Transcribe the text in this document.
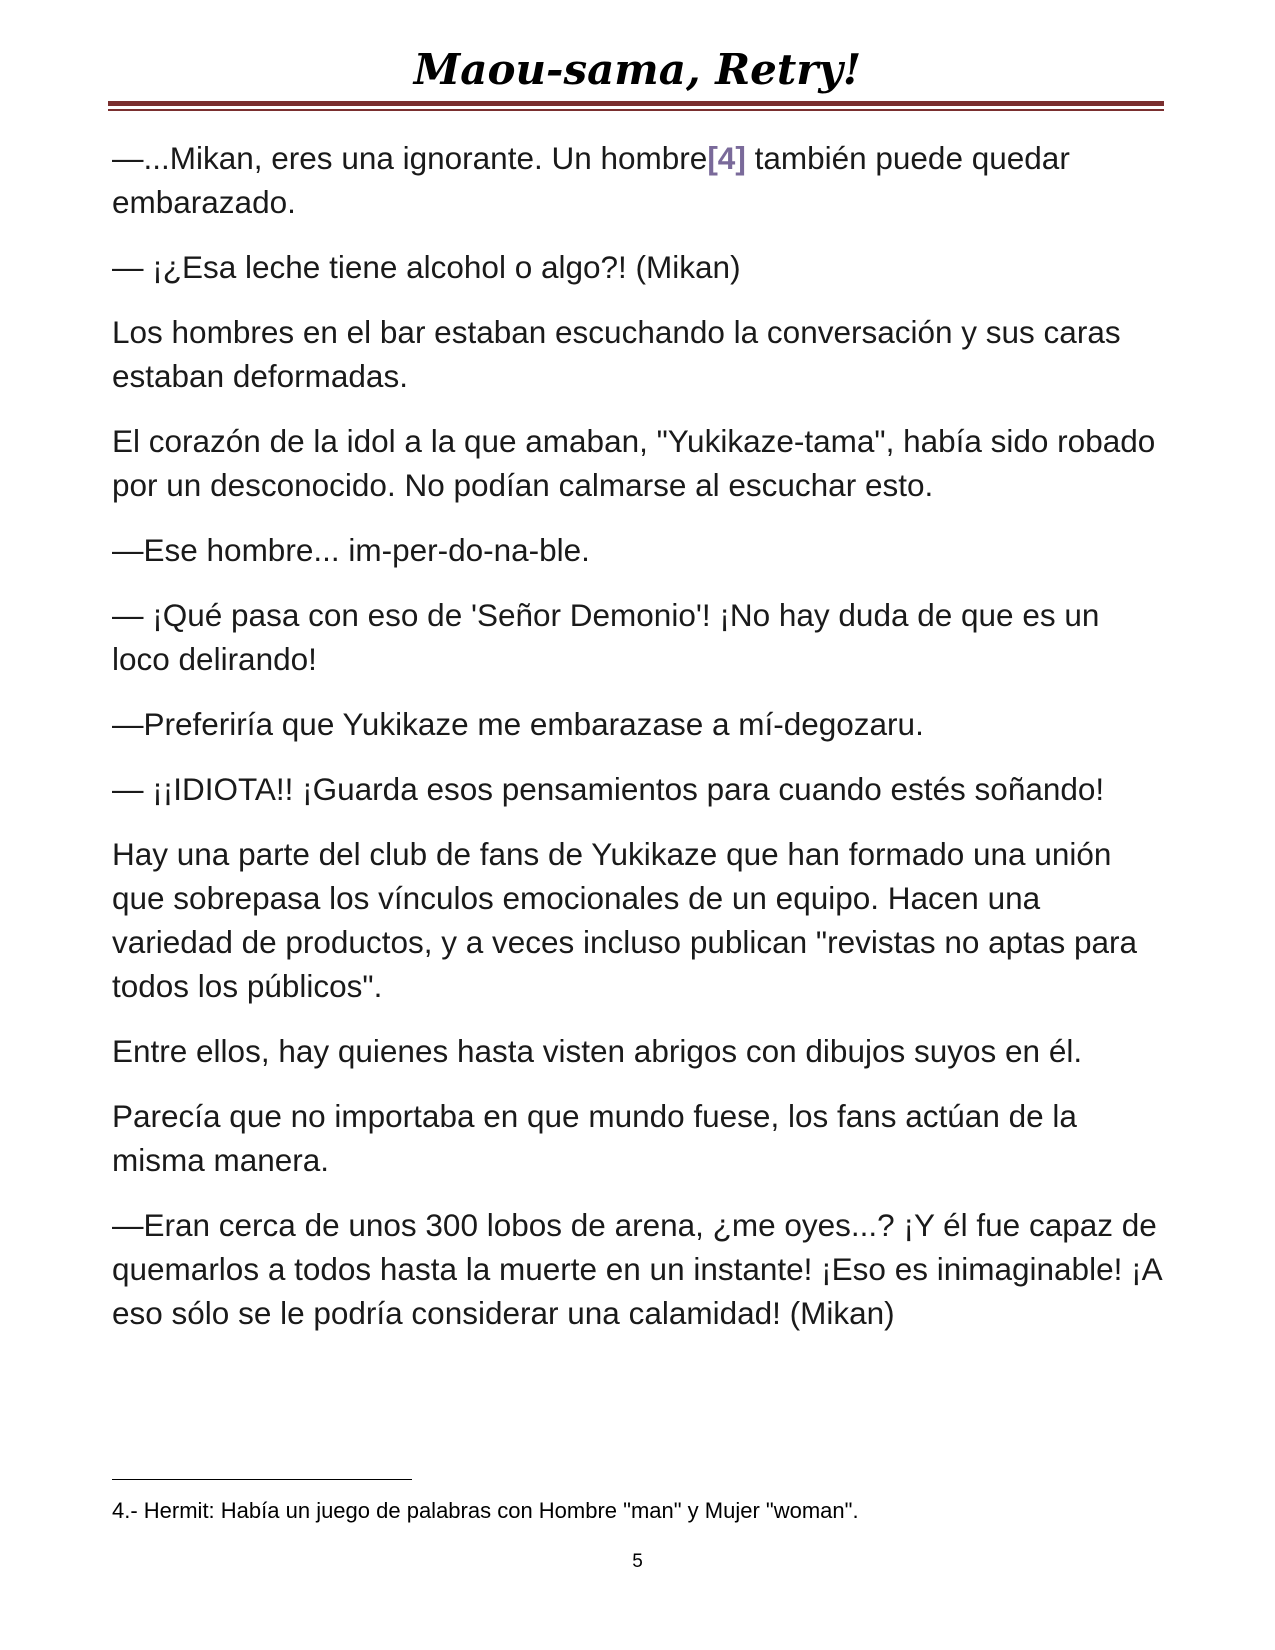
Maou-sama, Retry!

—...Mikan, eres una ignorante. Un hombre[4] también puede quedar embarazado.

— ¡¿Esa leche tiene alcohol o algo?! (Mikan)

Los hombres en el bar estaban escuchando la conversación y sus caras estaban deformadas.

El corazón de la idol a la que amaban, "Yukikaze-tama", había sido robado por un desconocido. No podían calmarse al escuchar esto.

—Ese hombre... im-per-do-na-ble.

— ¡Qué pasa con eso de 'Señor Demonio'! ¡No hay duda de que es un loco delirando!

—Preferiría que Yukikaze me embarazase a mí-degozaru.

— ¡¡IDIOTA!! ¡Guarda esos pensamientos para cuando estés soñando!

Hay una parte del club de fans de Yukikaze que han formado una unión que sobrepasa los vínculos emocionales de un equipo. Hacen una variedad de productos, y a veces incluso publican "revistas no aptas para todos los públicos".

Entre ellos, hay quienes hasta visten abrigos con dibujos suyos en él.

Parecía que no importaba en que mundo fuese, los fans actúan de la misma manera.

—Eran cerca de unos 300 lobos de arena, ¿me oyes...? ¡Y él fue capaz de quemarlos a todos hasta la muerte en un instante! ¡Eso es inimaginable! ¡A eso sólo se le podría considerar una calamidad! (Mikan)

4.- Hermit: Había un juego de palabras con Hombre "man" y Mujer "woman".
5
